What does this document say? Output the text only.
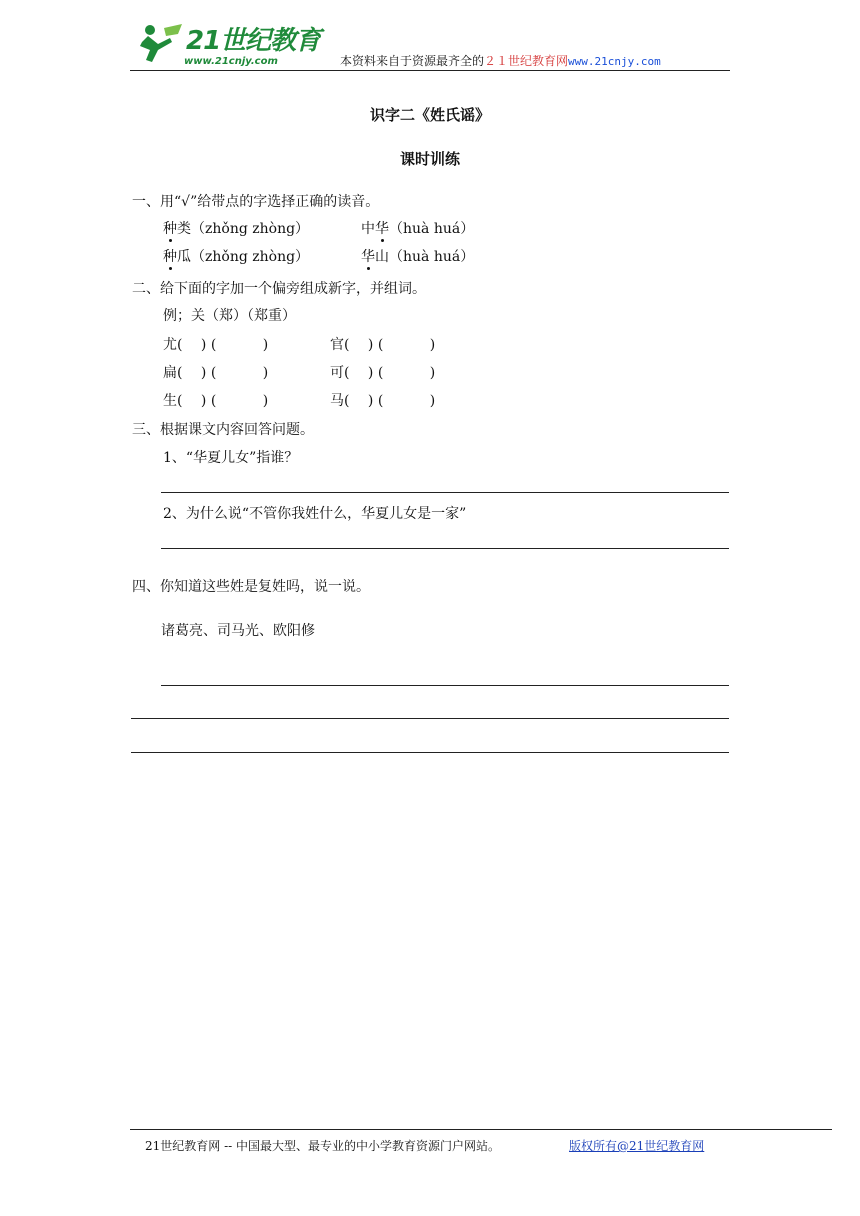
21世纪教育
www.21cnjy.com	本资料来自于资源最齐全的２１世纪教育网www.21cnjy.com
识字二《姓氏谣》
课时训练
一、用“√”给带点的字选择正确的读音。
种类（zhǒng zhòng）	中华（huà huá）
种瓜（zhǒng zhòng）	华山（huà huá）
二、给下面的字加一个偏旁组成新字，并组词。
例；关（郑）（郑重）
尤(　 ) (　　　 )	官(　 ) (　　　 )
扁(　 ) (　　　 )	可(　 ) (　　　 )
生(　 ) (　　　 )	马(　 ) (　　　 )
三、根据课文内容回答问题。
1、“华夏儿女”指谁？
2、为什么说“不管你我姓什么，华夏儿女是一家”
四、你知道这些姓是复姓吗，说一说。
诸葛亮、司马光、欧阳修
21世纪教育网 -- 中国最大型、最专业的中小学教育资源门户网站。	版权所有@21世纪教育网
